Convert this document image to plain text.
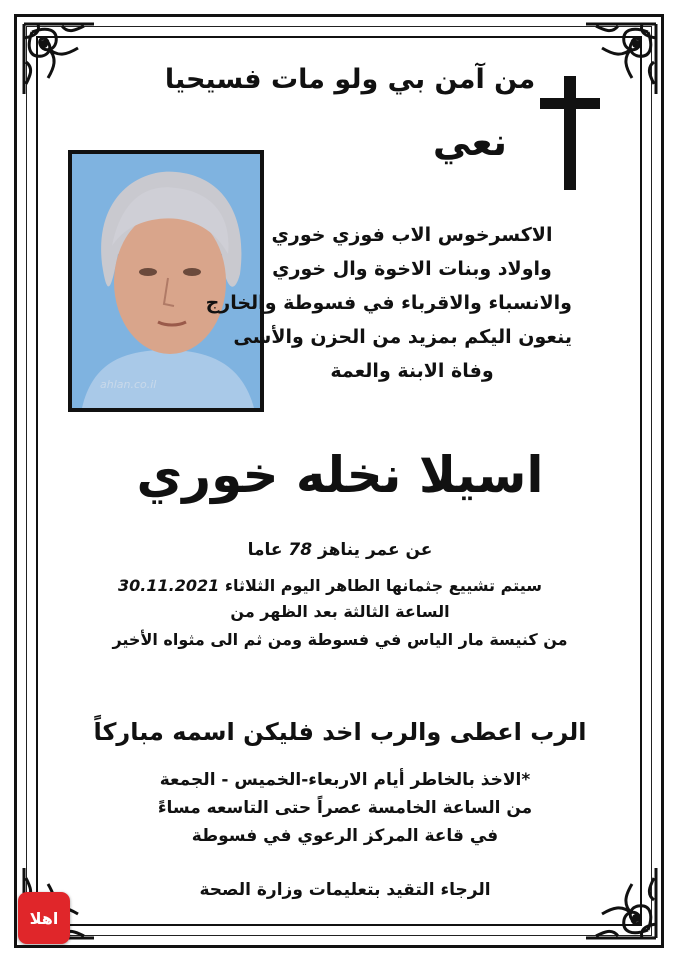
من آمن بي ولو مات فسيحيا
نعي
ahlan.co.il
الاكسرخوس الاب فوزي خوري
واولاد وبنات الاخوة وال خوري
والانسباء والاقرباء في فسوطة والخارج
ينعون اليكم بمزيد من الحزن والأسى
وفاة الابنة والعمة
اسيلا نخله خوري
عن عمر يناهز 78 عاما
سيتم تشييع جثمانها الطاهر اليوم الثلاثاء 30.11.2021
الساعة الثالثة بعد الظهر من
من كنيسة مار الياس في فسوطة ومن ثم الى مثواه الأخير
الرب اعطى والرب اخد فليكن اسمه مباركاً
*الاخذ بالخاطر أيام الاربعاء-الخميس - الجمعة
من الساعة الخامسة عصراً حتى التاسعه مساءً
في قاعة المركز الرعوي في فسوطة
الرجاء التقيد بتعليمات وزارة الصحة
اهلا
